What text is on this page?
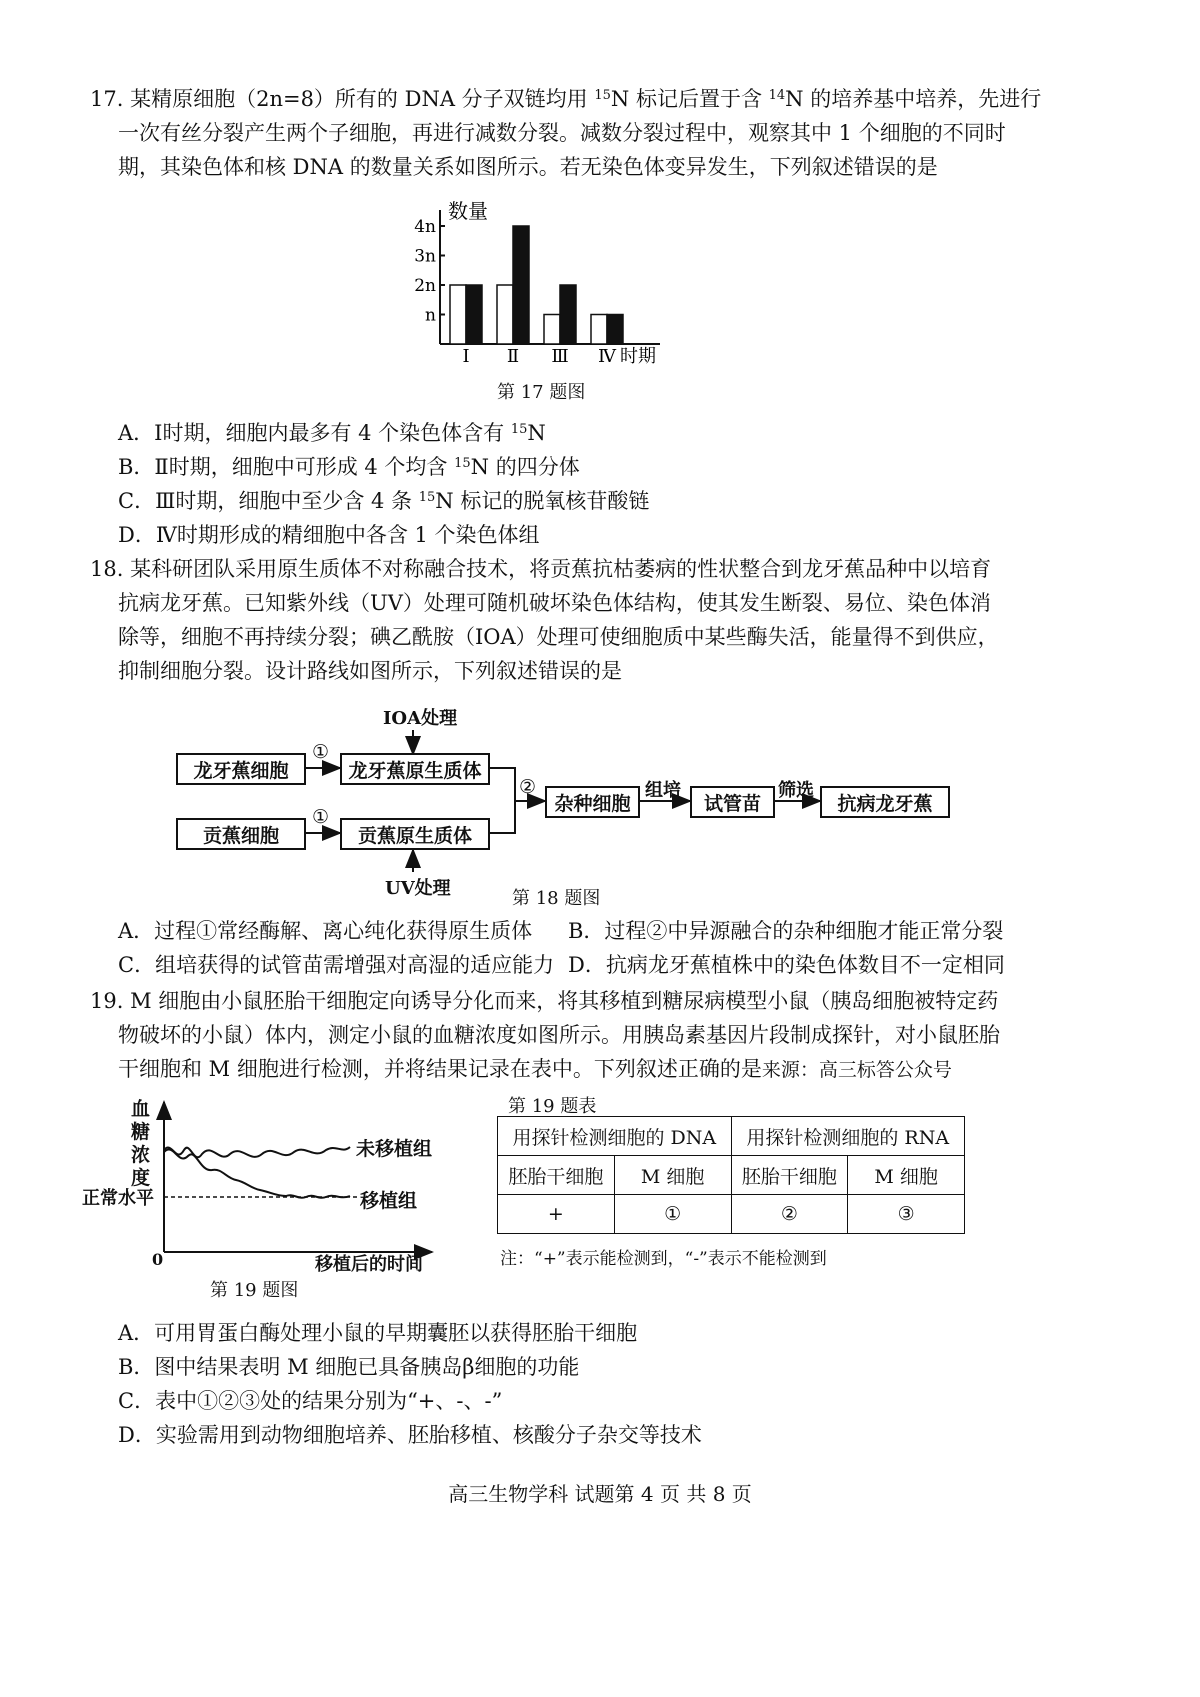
17. 某精原细胞（2n=8）所有的 DNA 分子双链均用 $^{15}$N 标记后置于含 $^{14}$N 的培养基中培养，先进行
一次有丝分裂产生两个子细胞，再进行减数分裂。减数分裂过程中，观察其中 1 个细胞的不同时
期，其染色体和核 DNA 的数量关系如图所示。若无染色体变异发生，下列叙述错误的是
数量
时期
n
2n
3n
4n
Ⅰ Ⅱ Ⅲ Ⅳ
第 17 题图
A．Ⅰ时期，细胞内最多有 4 个染色体含有 $^{15}$N
B．Ⅱ时期，细胞中可形成 4 个均含 $^{15}$N 的四分体
C．Ⅲ时期，细胞中至少含 4 条 $^{15}$N 标记的脱氧核苷酸链
D．Ⅳ时期形成的精细胞中各含 1 个染色体组
18. 某科研团队采用原生质体不对称融合技术，将贡蕉抗枯萎病的性状整合到龙牙蕉品种中以培育
抗病龙牙蕉。已知紫外线（UV）处理可随机破坏染色体结构，使其发生断裂、易位、染色体消
除等，细胞不再持续分裂；碘乙酰胺（IOA）处理可使细胞质中某些酶失活，能量得不到供应，
抑制细胞分裂。设计路线如图所示，下列叙述错误的是
IOA处理
UV处理
①
①
②	组培	筛选
龙牙蕉细胞	龙牙蕉原生质体
贡蕉细胞	贡蕉原生质体
杂种细胞	试管苗	抗病龙牙蕉
第 18 题图
A．过程①常经酶解、离心纯化获得原生质体 B．过程②中异源融合的杂种细胞才能正常分裂
C．组培获得的试管苗需增强对高湿的适应能力 D．抗病龙牙蕉植株中的染色体数目不一定相同
19. M 细胞由小鼠胚胎干细胞定向诱导分化而来，将其移植到糖尿病模型小鼠（胰岛细胞被特定药
物破坏的小鼠）体内，测定小鼠的血糖浓度如图所示。用胰岛素基因片段制成探针，对小鼠胚胎
干细胞和 M 细胞进行检测，并将结果记录在表中。下列叙述正确的是来源：高三标答公众号
血
糖
浓
度
正常水平
0	移植后的时间
未移植组
移植组
第 19 题图
第 19 题表
用探针检测细胞的 DNA		用探针检测细胞的 RNA	
胚胎干细胞	M 细胞	胚胎干细胞	M 细胞
+	①	②	③
注：“+”表示能检测到，“-”表示不能检测到
A．可用胃蛋白酶处理小鼠的早期囊胚以获得胚胎干细胞
B．图中结果表明 M 细胞已具备胰岛β细胞的功能
C．表中①②③处的结果分别为“+、-、-”
D．实验需用到动物细胞培养、胚胎移植、核酸分子杂交等技术
高三生物学科 试题第 4 页 共 8 页
